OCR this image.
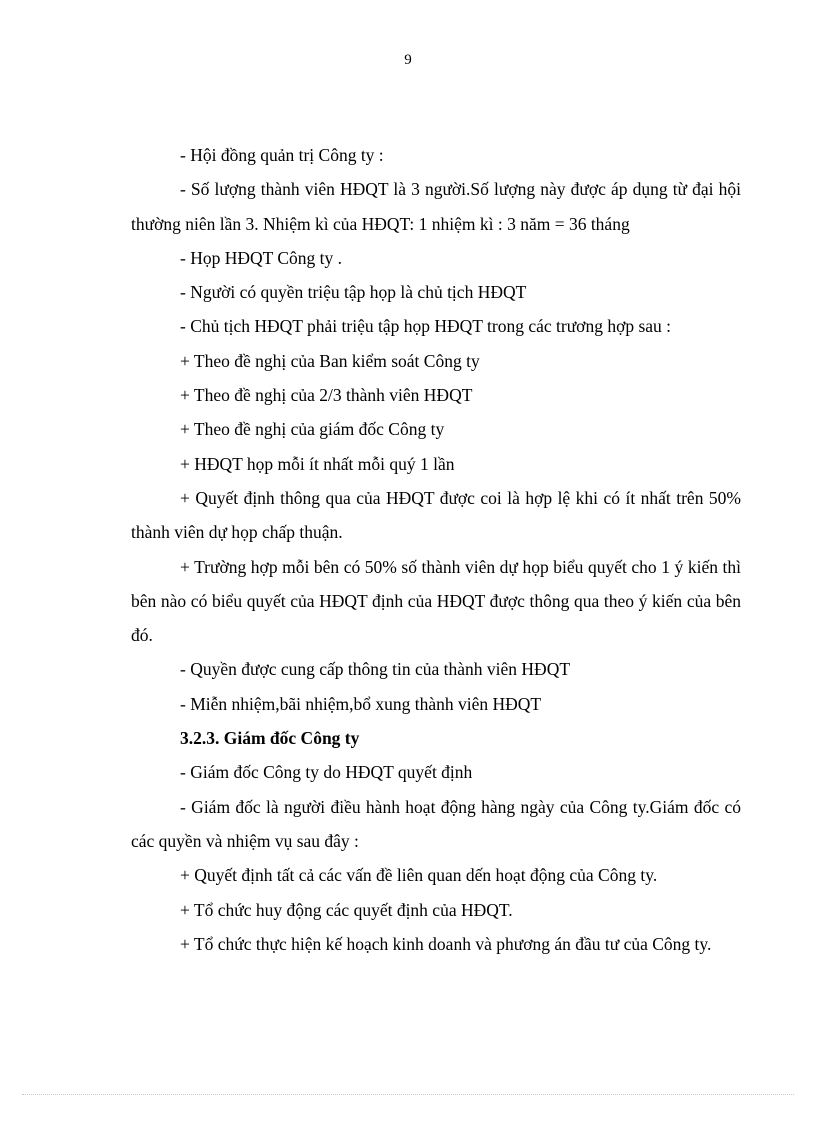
9

- Hội đồng quản trị Công ty :

- Số lượng thành viên HĐQT là 3 người.Số lượng này được áp dụng từ đại hội thường niên lần 3. Nhiệm kì của HĐQT: 1 nhiệm kì : 3 năm = 36 tháng

- Họp HĐQT Công ty .

- Người có quyền triệu tập họp là chủ tịch HĐQT

- Chủ tịch HĐQT phải triệu tập họp HĐQT trong các trương hợp sau :

+ Theo đề nghị của Ban kiểm soát Công ty

+ Theo đề nghị của 2/3 thành viên HĐQT

+ Theo đề nghị của giám đốc Công ty

+ HĐQT họp mỗi ít nhất mỗi quý 1 lần

+ Quyết định thông qua của HĐQT được coi là hợp lệ khi có ít nhất trên 50% thành viên dự họp chấp thuận.

+ Trường hợp mỗi bên có 50% số thành viên dự họp biểu quyết cho 1 ý kiến thì bên nào có biểu quyết của HĐQT định của HĐQT được thông qua theo ý kiến của bên đó.

- Quyền được cung cấp thông tin của thành viên HĐQT

- Miễn nhiệm,bãi nhiệm,bổ xung thành viên HĐQT

3.2.3. Giám đốc Công ty

- Giám đốc Công ty do HĐQT quyết định

- Giám đốc là người điều hành hoạt động hàng ngày của Công ty.Giám đốc có các quyền và nhiệm vụ sau đây :

+ Quyết định tất cả các vấn đề liên quan dến hoạt động của Công ty.

+ Tổ chức huy động các quyết định của HĐQT.

+ Tổ chức thực hiện kế hoạch kinh doanh và phương án đầu tư của Công ty.
